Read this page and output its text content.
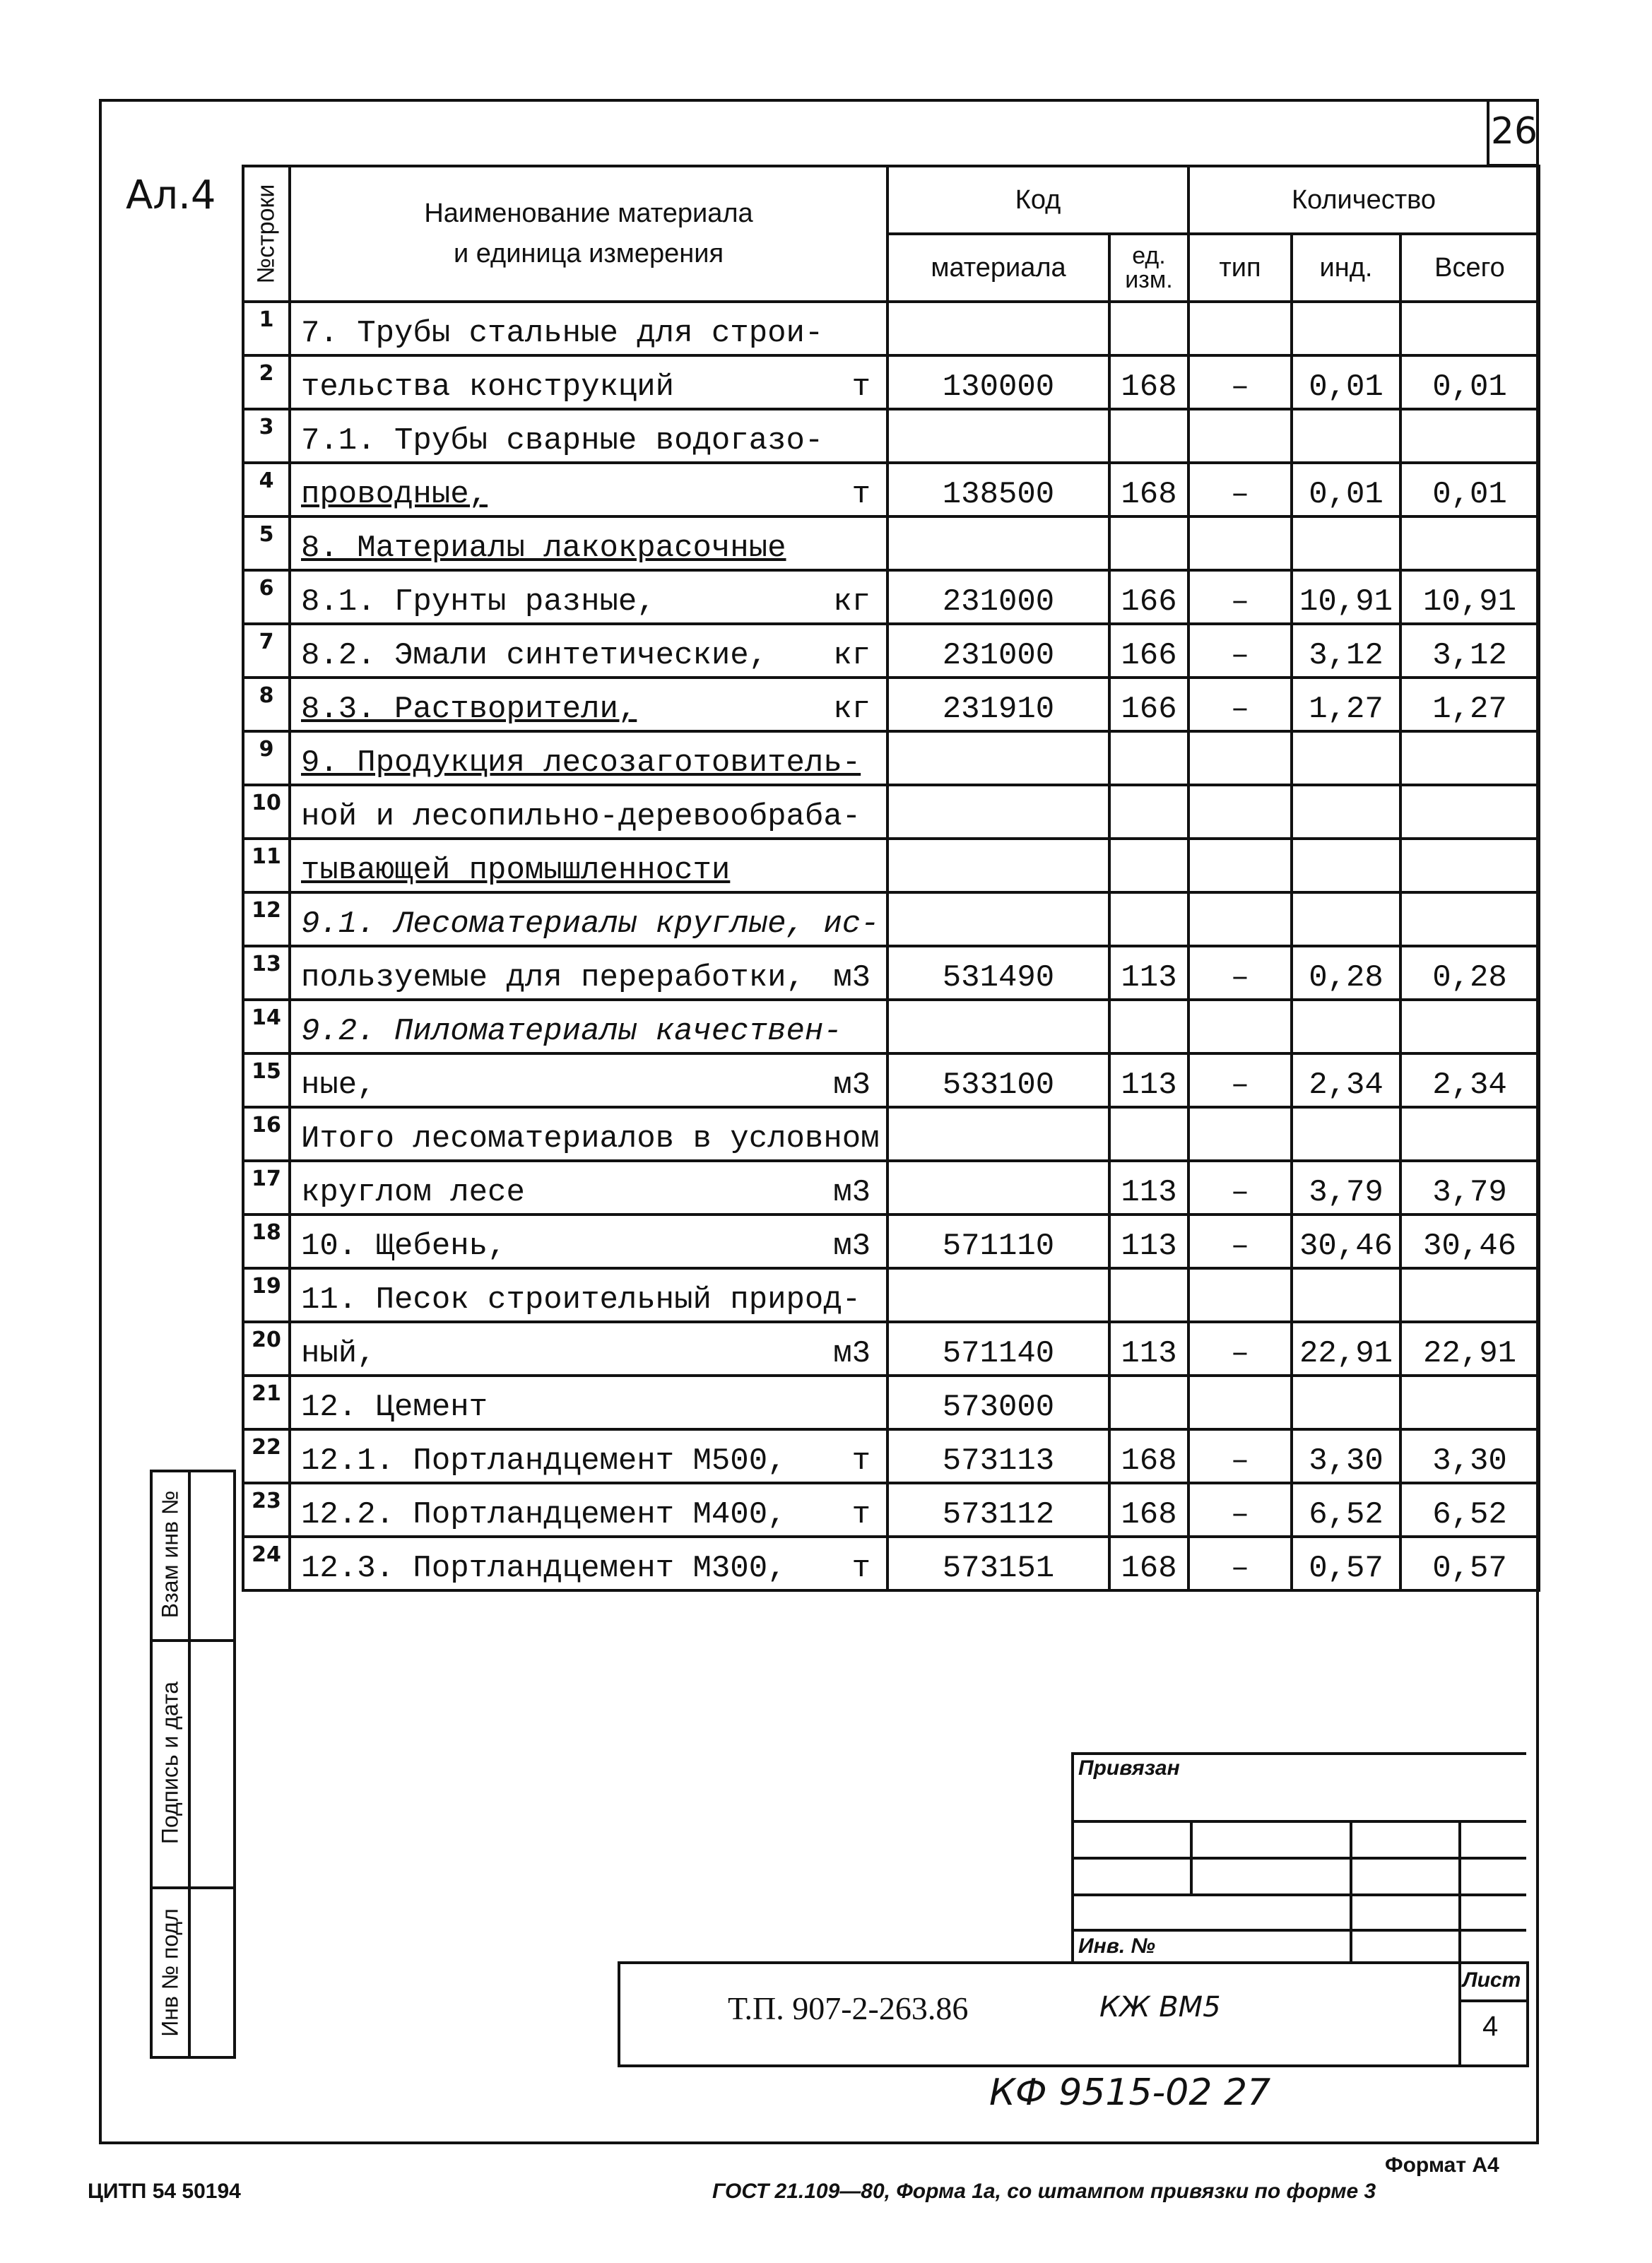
26
Ал.4 №строки	Наименование материала
и единица измерения	Код		Количество		
		материала	ед.
изм.	тип	инд.	Всего
1	7. Трубы стальные для строи-					
2	тельства конструкций т	130000	168	–	0,01	0,01
3	7.1. Трубы сварные водогазо-					
4	проводные, т	138500	168	–	0,01	0,01
5	8. Материалы лакокрасочные					
6	8.1. Грунты разные, кг	231000	166	–	10,91	10,91
7	8.2. Эмали синтетические, кг	231000	166	–	3,12	3,12
8	8.3. Растворители, кг	231910	166	–	1,27	1,27
9	9. Продукция лесозаготовитель-					
10	ной и лесопильно-деревообраба-					
11	тывающей промышленности					
12	9.1. Лесоматериалы круглые, ис-					
13	пользуемые для переработки, м3	531490	113	–	0,28	0,28
14	9.2. Пиломатериалы качествен-					
15	ные, м3	533100	113	–	2,34	2,34
16	Итого лесоматериалов в условном					
17	круглом лесе м3		113	–	3,79	3,79
18	10. Щебень, м3	571110	113	–	30,46	30,46
19	11. Песок строительный природ-					
20	ный, м3	571140	113	–	22,91	22,91
21	12. Цемент	573000				
22	12.1. Портландцемент М500, т	573113	168	–	3,30	3,30
23	12.2. Портландцемент М400, т	573112	168	–	6,52	6,52
24	12.3. Портландцемент М300, т	573151	168	–	0,57	0,57
Взам инв №
Подпись и дата
Инв № подл
Привязан
Инв. №
Т.П. 907-2-263.86	КЖ ВМ5
Лист
4
КФ 9515-02 27
Формат А4
ЦИТП 54 50194	ГОСТ 21.109—80, Форма 1а, со штампом привязки по форме 3
